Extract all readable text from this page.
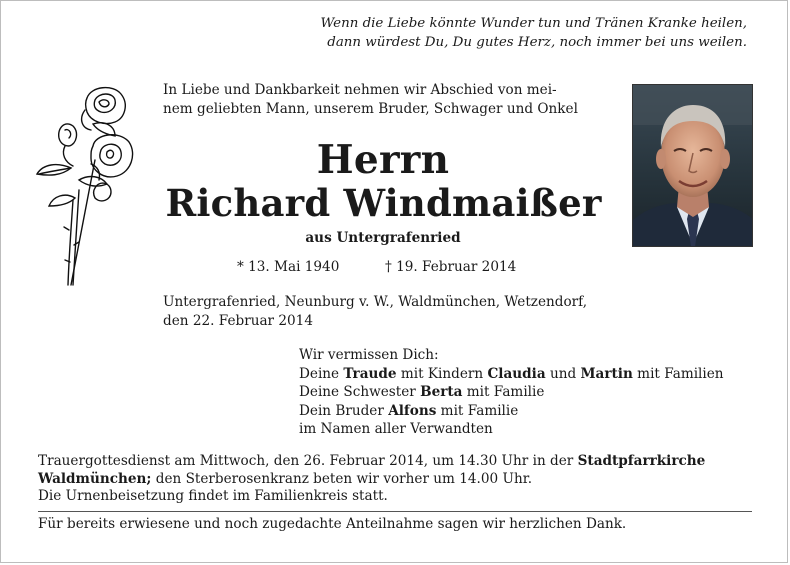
Wenn die Liebe könnte Wunder tun und Tränen Kranke heilen,
dann würdest Du, Du gutes Herz, noch immer bei uns weilen.
In Liebe und Dankbarkeit nehmen wir Abschied von mei-
nem geliebten Mann, unserem Bruder, Schwager und Onkel
Herrn
Richard Windmaißer
aus Untergrafenried
* 13. Mai 1940	† 19. Februar 2014
Untergrafenried, Neunburg v. W., Waldmünchen, Wetzendorf,
den 22. Februar 2014
Wir vermissen Dich:
Deine Traude mit Kindern Claudia und Martin mit Familien
Deine Schwester Berta mit Familie
Dein Bruder Alfons mit Familie
im Namen aller Verwandten
Trauergottesdienst am Mittwoch, den 26. Februar 2014, um 14.30 Uhr in der Stadtpfarrkirche Waldmünchen; den Sterberosenkranz beten wir vorher um 14.00 Uhr.
Die Urnenbeisetzung findet im Familienkreis statt.
Für bereits erwiesene und noch zugedachte Anteilnahme sagen wir herzlichen Dank.
